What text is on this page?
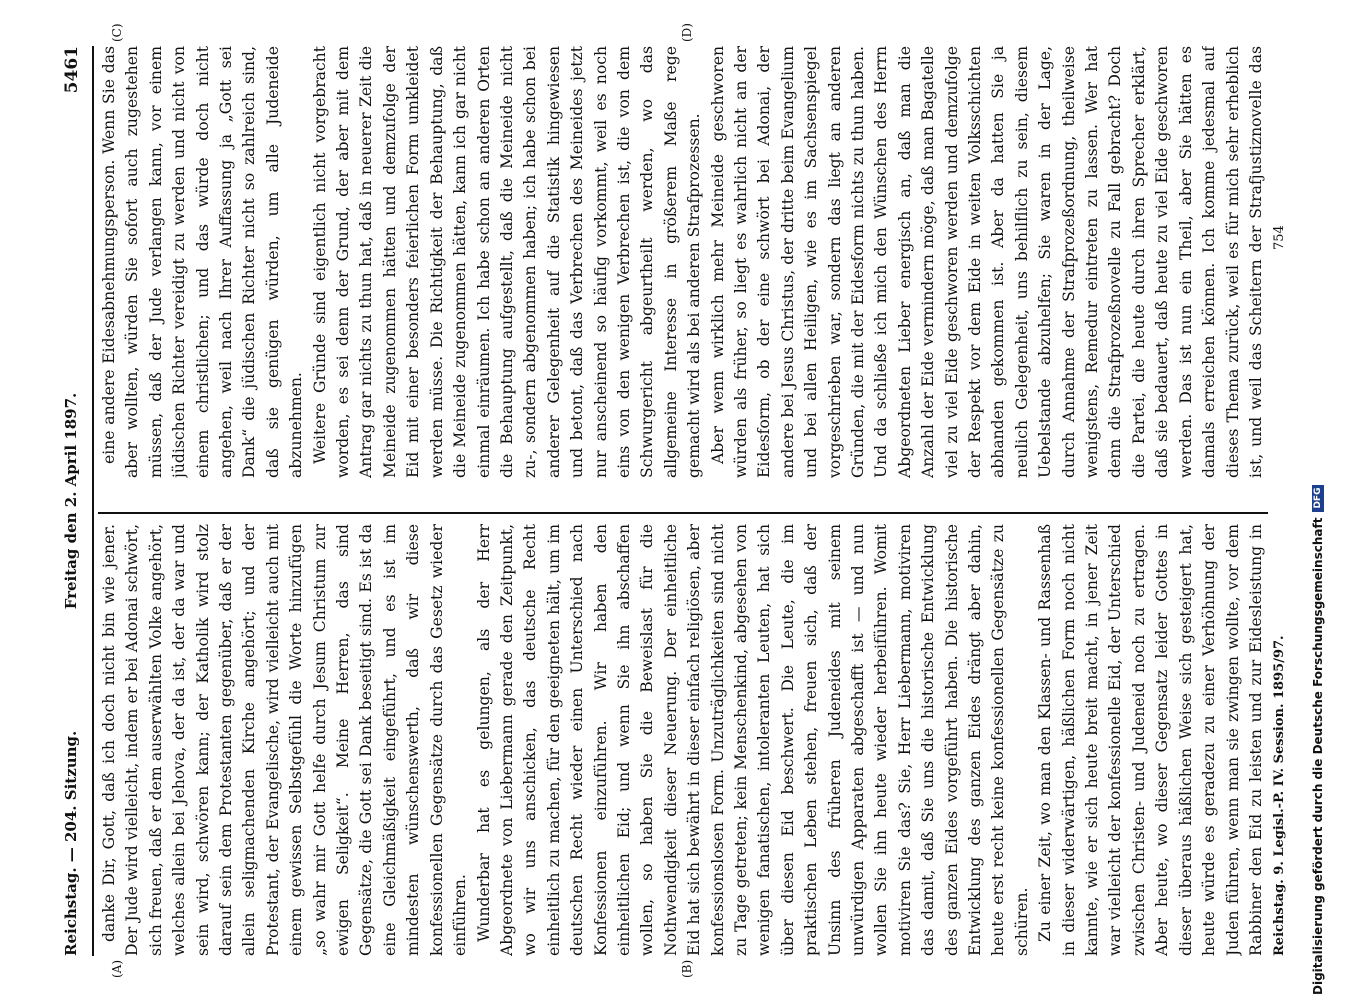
Reichstag. — 204. Sitzung.
Freitag den 2. April 1897.
5461
(A)	(B)
(C)	(D)

danke Dir, Gott, daß ich doch nicht bin wie jener. Der Jude wird vielleicht, indem er bei Adonai schwört, sich freuen, daß er dem auserwählten Volke angehört, welches allein bei Jehova, der da ist, der da war und sein wird, schwören kann; der Katholik wird stolz darauf sein dem Protestanten gegenüber, daß er der allein seligmachenden Kirche angehört; und der Protestant, der Evangelische, wird vielleicht auch mit einem gewissen Selbstgefühl die Worte hinzufügen „so wahr mir Gott helfe durch Jesum Christum zur ewigen Seligkeit“. Meine Herren, das sind Gegensätze, die Gott sei Dank beseitigt sind. Es ist da eine Gleichmäßigkeit eingeführt, und es ist im mindesten wünschenswerth, daß wir diese konfessionellen Gegensätze durch das Gesetz wieder einführen. Wunderbar hat es gelungen, als der Herr Abgeordnete von Liebermann gerade den Zeitpunkt, wo wir uns anschicken, das deutsche Recht einheitlich zu machen, für den geeigneten hält, um im deutschen Recht wieder einen Unterschied nach Konfessionen einzuführen. Wir haben den einheitlichen Eid; und wenn Sie ihn abschaffen wollen, so haben Sie die Beweislast für die Nothwendigkeit dieser Neuerung. Der einheitliche Eid hat sich bewährt in dieser einfach religiösen, aber konfessionslosen Form. Unzuträglichkeiten sind nicht zu Tage getreten; kein Menschenkind, abgesehen von wenigen fanatischen, intoleranten Leuten, hat sich über diesen Eid beschwert. Die Leute, die im praktischen Leben stehen, freuen sich, daß der Unsinn des früheren Judeneides mit seinem unwürdigen Apparaten abgeschafft ist — und nun wollen Sie ihn heute wieder herbeiführen. Womit motiviren Sie das? Sie, Herr Liebermann, motiviren das damit, daß Sie uns die historische Entwicklung des ganzen Eides vorgeführt haben. Die historische Entwicklung des ganzen Eides drängt aber dahin, heute erst recht keine konfessionellen Gegensätze zu schüren. Zu einer Zeit, wo man den Klassen- und Rassenhaß in dieser widerwärtigen, häßlichen Form noch nicht kannte, wie er sich heute breit macht, in jener Zeit war vielleicht der konfessionelle Eid, der Unterschied zwischen Christen- und Judeneid noch zu ertragen. Aber heute, wo dieser Gegensatz leider Gottes in dieser überaus häßlichen Weise sich gesteigert hat, heute würde es geradezu zu einer Verhöhnung der Juden führen, wenn man sie zwingen wollte, vor dem Rabbiner den Eid zu leisten und zur Eidesleistung in

eine andere Eidesabnehmungsperson. Wenn Sie das aber wollten, würden Sie sofort auch zugestehen müssen, daß der Jude verlangen kann, vor einem jüdischen Richter vereidigt zu werden und nicht von einem christlichen; und das würde doch nicht angehen, weil nach Ihrer Auffassung ja „Gott sei Dank“ die jüdischen Richter nicht so zahlreich sind, daß sie genügen würden, um alle Judeneide abzunehmen. Weitere Gründe sind eigentlich nicht vorgebracht worden, es sei denn der Grund, der aber mit dem Antrag gar nichts zu thun hat, daß in neuerer Zeit die Meineide zugenommen hätten und demzufolge der Eid mit einer besonders feierlichen Form umkleidet werden müsse. Die Richtigkeit der Behauptung, daß die Meineide zugenommen hätten, kann ich gar nicht einmal einräumen. Ich habe schon an anderen Orten die Behauptung aufgestellt, daß die Meineide nicht zu-, sondern abgenommen haben; ich habe schon bei anderer Gelegenheit auf die Statistik hingewiesen und betont, daß das Verbrechen des Meineides jetzt nur anscheinend so häufig vorkommt, weil es noch eins von den wenigen Verbrechen ist, die von dem Schwurgericht abgeurtheilt werden, wo das allgemeine Interesse in größerem Maße rege gemacht wird als bei anderen Strafprozessen. Aber wenn wirklich mehr Meineide geschworen würden als früher, so liegt es wahrlich nicht an der Eidesform, ob der eine schwört bei Adonai, der andere bei Jesus Christus, der dritte beim Evangelium und bei allen Heiligen, wie es im Sachsenspiegel vorgeschrieben war, sondern das liegt an anderen Gründen, die mit der Eidesform nichts zu thun haben. Und da schließe ich mich den Wünschen des Herrn Abgeordneten Lieber energisch an, daß man die Anzahl der Eide vermindern möge, daß man Bagatelle viel zu viel Eide geschworen werden und demzufolge der Respekt vor dem Eide in weiten Volksschichten abhanden gekommen ist. Aber da hatten Sie ja neulich Gelegenheit, uns behilflich zu sein, diesem Uebelstande abzuhelfen; Sie waren in der Lage, durch Annahme der Strafprozeßordnung, theilweise wenigstens, Remedur eintreten zu lassen. Wer hat denn die Strafprozeßnovelle zu Fall gebracht? Doch die Partei, die heute durch ihren Sprecher erklärt, daß sie bedauert, daß heute zu viel Eide geschworen werden. Das ist nun ein Theil, aber Sie hätten es damals erreichen können. Ich komme jedesmal auf dieses Thema zurück, weil es für mich sehr erheblich ist, und weil das Scheitern der Strafjustiznovelle das

Reichstag. 9. Legisl.-P. IV. Session. 1895/97.
754
Digitalisierung gefördert durch die Deutsche Forschungsgemeinschaft
DFG
